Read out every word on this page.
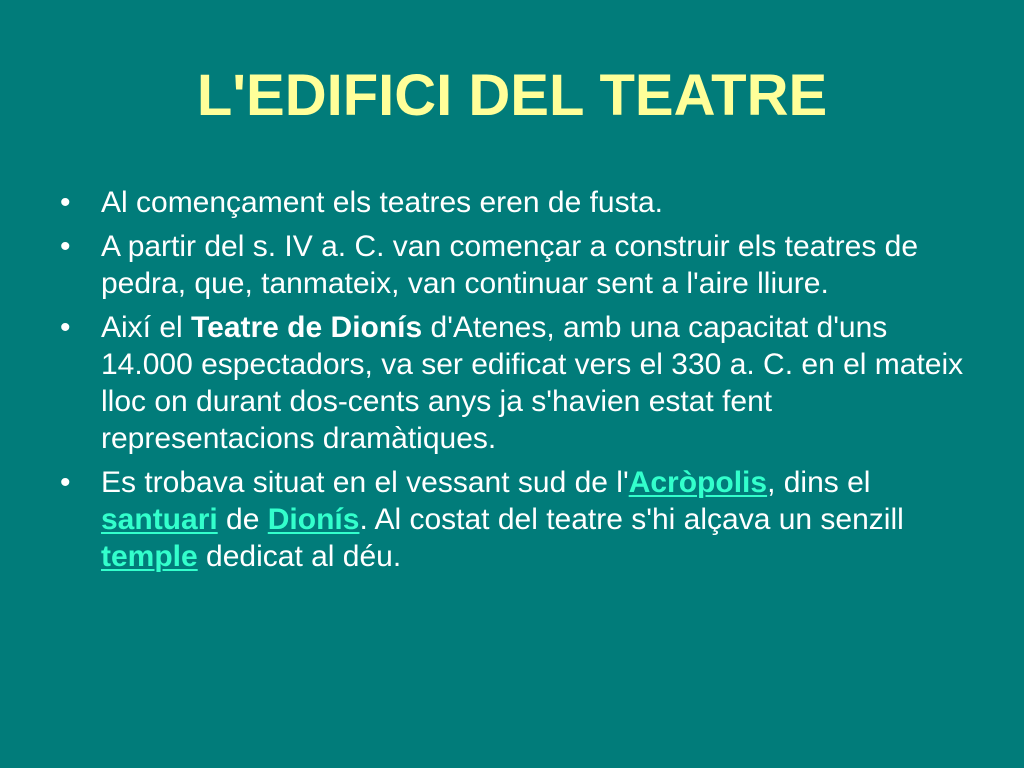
L'EDIFICI DEL TEATRE
•	Al començament els teatres eren de fusta.
•	A partir del s. IV a. C. van començar a construir els teatres de pedra, que, tanmateix, van continuar sent a l'aire lliure.
•	Així el Teatre de Dionís d'Atenes, amb una capacitat d'uns 14.000 espectadors, va ser edificat vers el 330 a. C. en el mateix lloc on durant dos-cents anys ja s'havien estat fent representacions dramàtiques.
•	Es trobava situat en el vessant sud de l'Acròpolis, dins el santuari de Dionís. Al costat del teatre s'hi alçava un senzill temple dedicat al déu.
